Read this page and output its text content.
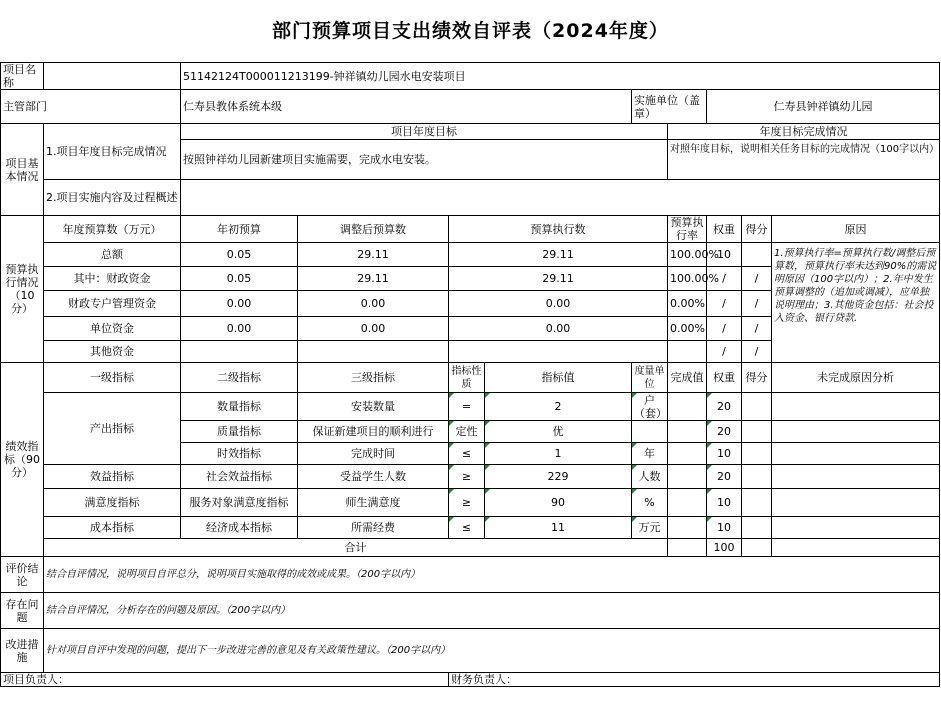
部门预算项目支出绩效自评表（2024年度）
项目名称		51142124T000011213199-钟祥镇幼儿园水电安装项目								
主管部门		仁寿县教体系统本级				实施单位（盖章）		仁寿县钟祥镇幼儿园		
项目基本情况	1.项目年度目标完成情况	项目年度目标					年度目标完成情况			
		按照钟祥幼儿园新建项目实施需要，完成水电安装。					对照年度目标，说明相关任务目标的完成情况（100字以内）			
	2.项目实施内容及过程概述									
预算执行情况（10分）	年度预算数（万元）	年初预算	调整后预算数	预算执行数			预算执行率	权重	得分	原因
	总额	0.05	29.11	29.11			100.00%	10		1.预算执行率=预算执行数/调整后预算数，预算执行率未达到90%的需说明原因（100字以内）；2.年中发生预算调整的（追加或调减），应单独说明理由；3.其他资金包括：社会投入资金、银行贷款.
	其中：财政资金	0.05	29.11	29.11			100.00%	/	/	
	财政专户管理资金	0.00	0.00	0.00			0.00%	/	/	
	单位资金	0.00	0.00	0.00			0.00%	/	/	
	其他资金							/	/	
绩效指标（90分）	一级指标	二级指标	三级指标	指标性质	指标值	度量单位	完成值	权重	得分	未完成原因分析
	产出指标	数量指标	安装数量	=	2	户（套）		20		
		质量指标	保证新建项目的顺利进行	定性	优			20		
		时效指标	完成时间	≤	1	年		10		
	效益指标	社会效益指标	受益学生人数	≥	229	人数		20		
	满意度指标	服务对象满意度指标	师生满意度	≥	90	%		10		
	成本指标	经济成本指标	所需经费	≤	11	万元		10		
	合计							100		
评价结论	结合自评情况，说明项目自评总分，说明项目实施取得的成效或成果。（200字以内）									
存在问题	结合自评情况，分析存在的问题及原因。（200字以内）									
改进措施	针对项目自评中发现的问题，提出下一步改进完善的意见及有关政策性建议。（200字以内）									
项目负责人：				财务负责人：						
